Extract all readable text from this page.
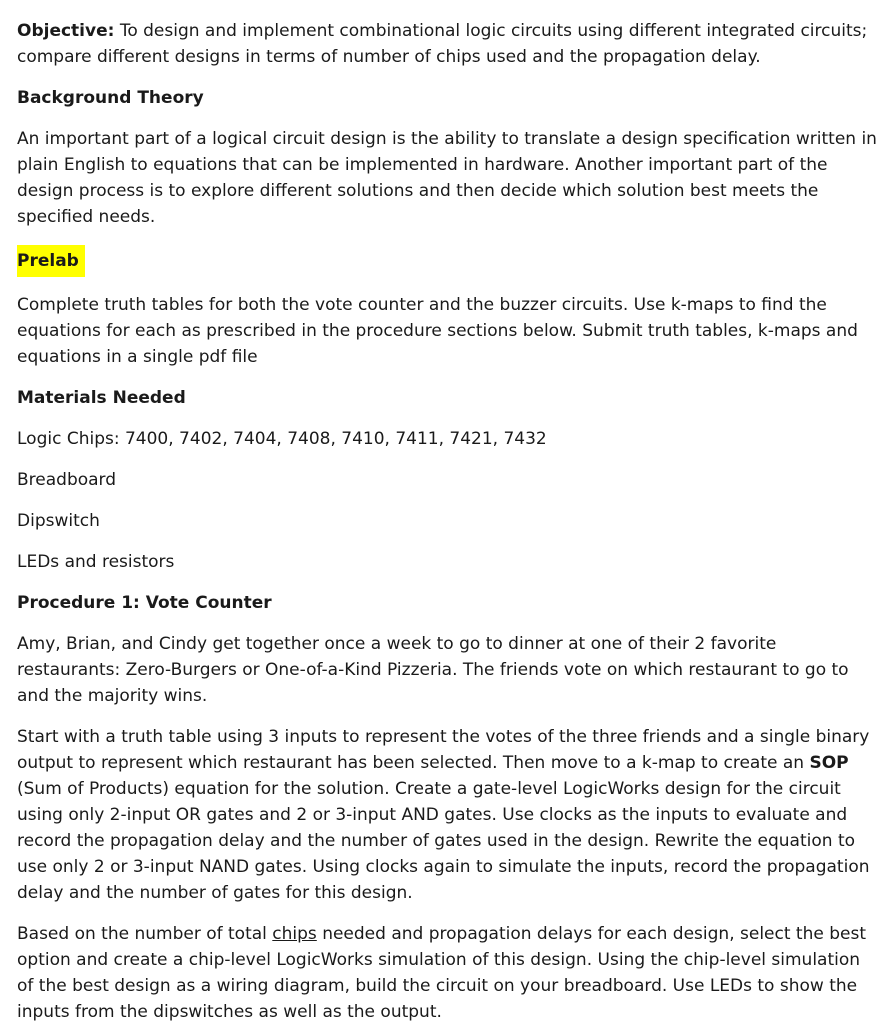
Objective: To design and implement combinational logic circuits using different integrated circuits; compare different designs in terms of number of chips used and the propagation delay.

Background Theory

An important part of a logical circuit design is the ability to translate a design specification written in plain English to equations that can be implemented in hardware. Another important part of the design process is to explore different solutions and then decide which solution best meets the specified needs.

Prelab

Complete truth tables for both the vote counter and the buzzer circuits. Use k-maps to find the equations for each as prescribed in the procedure sections below. Submit truth tables, k-maps and equations in a single pdf file

Materials Needed

Logic Chips: 7400, 7402, 7404, 7408, 7410, 7411, 7421, 7432

Breadboard

Dipswitch

LEDs and resistors

Procedure 1: Vote Counter

Amy, Brian, and Cindy get together once a week to go to dinner at one of their 2 favorite restaurants: Zero-Burgers or One-of-a-Kind Pizzeria. The friends vote on which restaurant to go to and the majority wins.

Start with a truth table using 3 inputs to represent the votes of the three friends and a single binary output to represent which restaurant has been selected. Then move to a k-map to create an SOP (Sum of Products) equation for the solution. Create a gate-level LogicWorks design for the circuit using only 2-input OR gates and 2 or 3-input AND gates. Use clocks as the inputs to evaluate and record the propagation delay and the number of gates used in the design. Rewrite the equation to use only 2 or 3-input NAND gates. Using clocks again to simulate the inputs, record the propagation delay and the number of gates for this design.

Based on the number of total chips needed and propagation delays for each design, select the best option and create a chip-level LogicWorks simulation of this design. Using the chip-level simulation of the best design as a wiring diagram, build the circuit on your breadboard. Use LEDs to show the inputs from the dipswitches as well as the output.
